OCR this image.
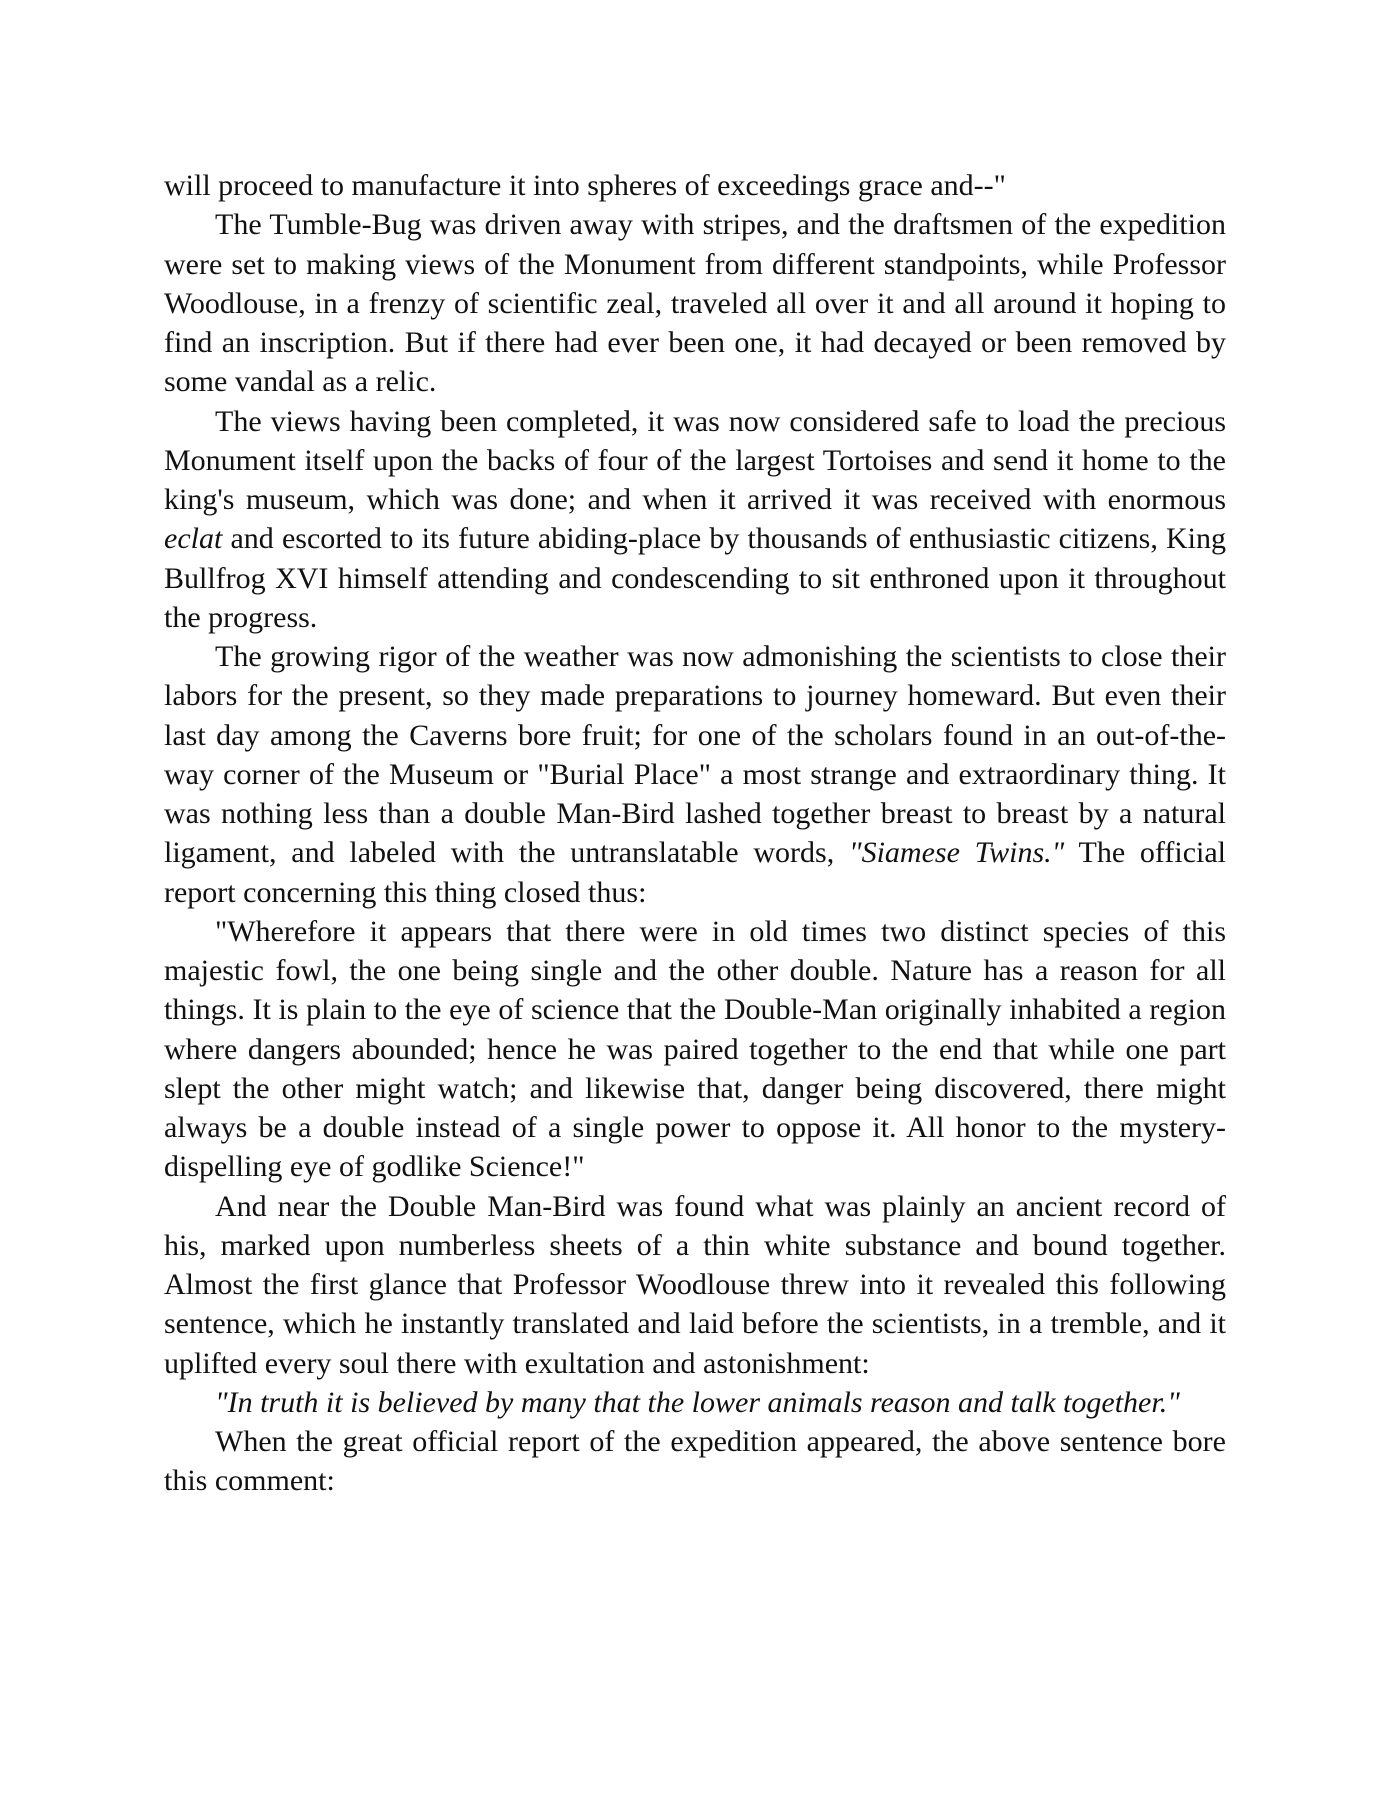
will proceed to manufacture it into spheres of exceedings grace and--"

The Tumble-Bug was driven away with stripes, and the draftsmen of the expedition were set to making views of the Monument from different standpoints, while Professor Woodlouse, in a frenzy of scientific zeal, traveled all over it and all around it hoping to find an inscription. But if there had ever been one, it had decayed or been removed by some vandal as a relic.

The views having been completed, it was now considered safe to load the precious Monument itself upon the backs of four of the largest Tortoises and send it home to the king's museum, which was done; and when it arrived it was received with enormous eclat and escorted to its future abiding-place by thousands of enthusiastic citizens, King Bullfrog XVI himself attending and condescending to sit enthroned upon it throughout the progress.

The growing rigor of the weather was now admonishing the scientists to close their labors for the present, so they made preparations to journey homeward. But even their last day among the Caverns bore fruit; for one of the scholars found in an out-of-the-way corner of the Museum or "Burial Place" a most strange and extraordinary thing. It was nothing less than a double Man-Bird lashed together breast to breast by a natural ligament, and labeled with the untranslatable words, "Siamese Twins." The official report concerning this thing closed thus:

"Wherefore it appears that there were in old times two distinct species of this majestic fowl, the one being single and the other double. Nature has a reason for all things. It is plain to the eye of science that the Double-Man originally inhabited a region where dangers abounded; hence he was paired together to the end that while one part slept the other might watch; and likewise that, danger being discovered, there might always be a double instead of a single power to oppose it. All honor to the mystery-dispelling eye of godlike Science!"

And near the Double Man-Bird was found what was plainly an ancient record of his, marked upon numberless sheets of a thin white substance and bound together. Almost the first glance that Professor Woodlouse threw into it revealed this following sentence, which he instantly translated and laid before the scientists, in a tremble, and it uplifted every soul there with exultation and astonishment:

"In truth it is believed by many that the lower animals reason and talk together."

When the great official report of the expedition appeared, the above sentence bore this comment:
